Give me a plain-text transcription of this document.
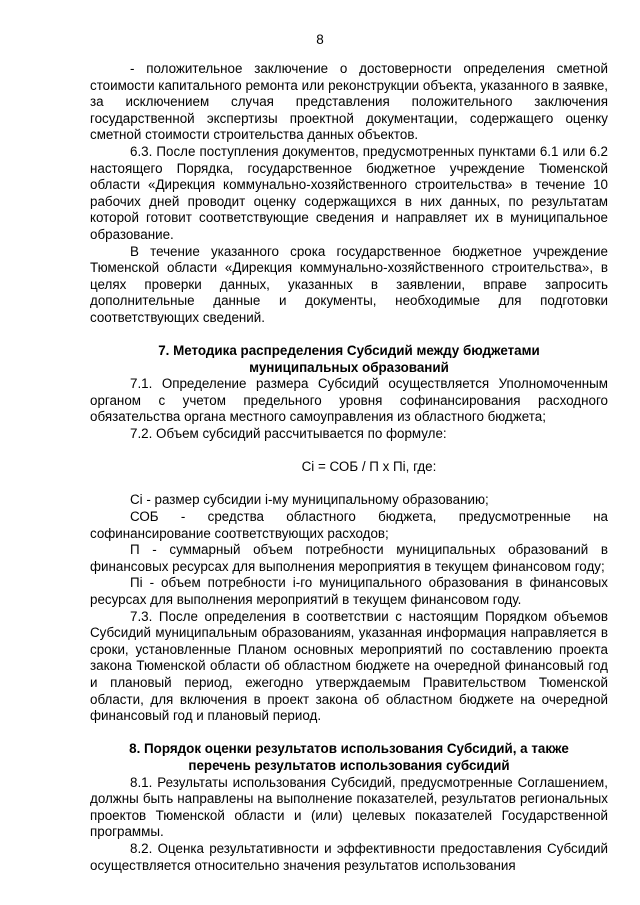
8

- положительное заключение о достоверности определения сметной стоимости капитального ремонта или реконструкции объекта, указанного в заявке, за исключением случая представления положительного заключения государственной экспертизы проектной документации, содержащего оценку сметной стоимости строительства данных объектов.

6.3. После поступления документов, предусмотренных пунктами 6.1 или 6.2 настоящего Порядка, государственное бюджетное учреждение Тюменской области «Дирекция коммунально-хозяйственного строительства» в течение 10 рабочих дней проводит оценку содержащихся в них данных, по результатам которой готовит соответствующие сведения и направляет их в муниципальное образование.

В течение указанного срока государственное бюджетное учреждение Тюменской области «Дирекция коммунально-хозяйственного строительства», в целях проверки данных, указанных в заявлении, вправе запросить дополнительные данные и документы, необходимые для подготовки соответствующих сведений.

7. Методика распределения Субсидий между бюджетами
муниципальных образований

7.1. Определение размера Субсидий осуществляется Уполномоченным органом с учетом предельного уровня софинансирования расходного обязательства органа местного самоуправления из областного бюджета;

7.2. Объем субсидий рассчитывается по формуле:

Ci = СОБ / П x Пi, где:

Ci - размер субсидии i-му муниципальному образованию;

СОБ - средства областного бюджета, предусмотренные на софинансирование соответствующих расходов;

П - суммарный объем потребности муниципальных образований в финансовых ресурсах для выполнения мероприятия в текущем финансовом году;

Пi - объем потребности i-го муниципального образования в финансовых ресурсах для выполнения мероприятий в текущем финансовом году.

7.3. После определения в соответствии с настоящим Порядком объемов Субсидий муниципальным образованиям, указанная информация направляется в сроки, установленные Планом основных мероприятий по составлению проекта закона Тюменской области об областном бюджете на очередной финансовый год и плановый период, ежегодно утверждаемым Правительством Тюменской области, для включения в проект закона об областном бюджете на очередной финансовый год и плановый период.

8. Порядок оценки результатов использования Субсидий, а также
перечень результатов использования субсидий

8.1. Результаты использования Субсидий, предусмотренные Соглашением, должны быть направлены на выполнение показателей, результатов региональных проектов Тюменской области и (или) целевых показателей Государственной программы.

8.2. Оценка результативности и эффективности предоставления Субсидий осуществляется относительно значения результатов использования
